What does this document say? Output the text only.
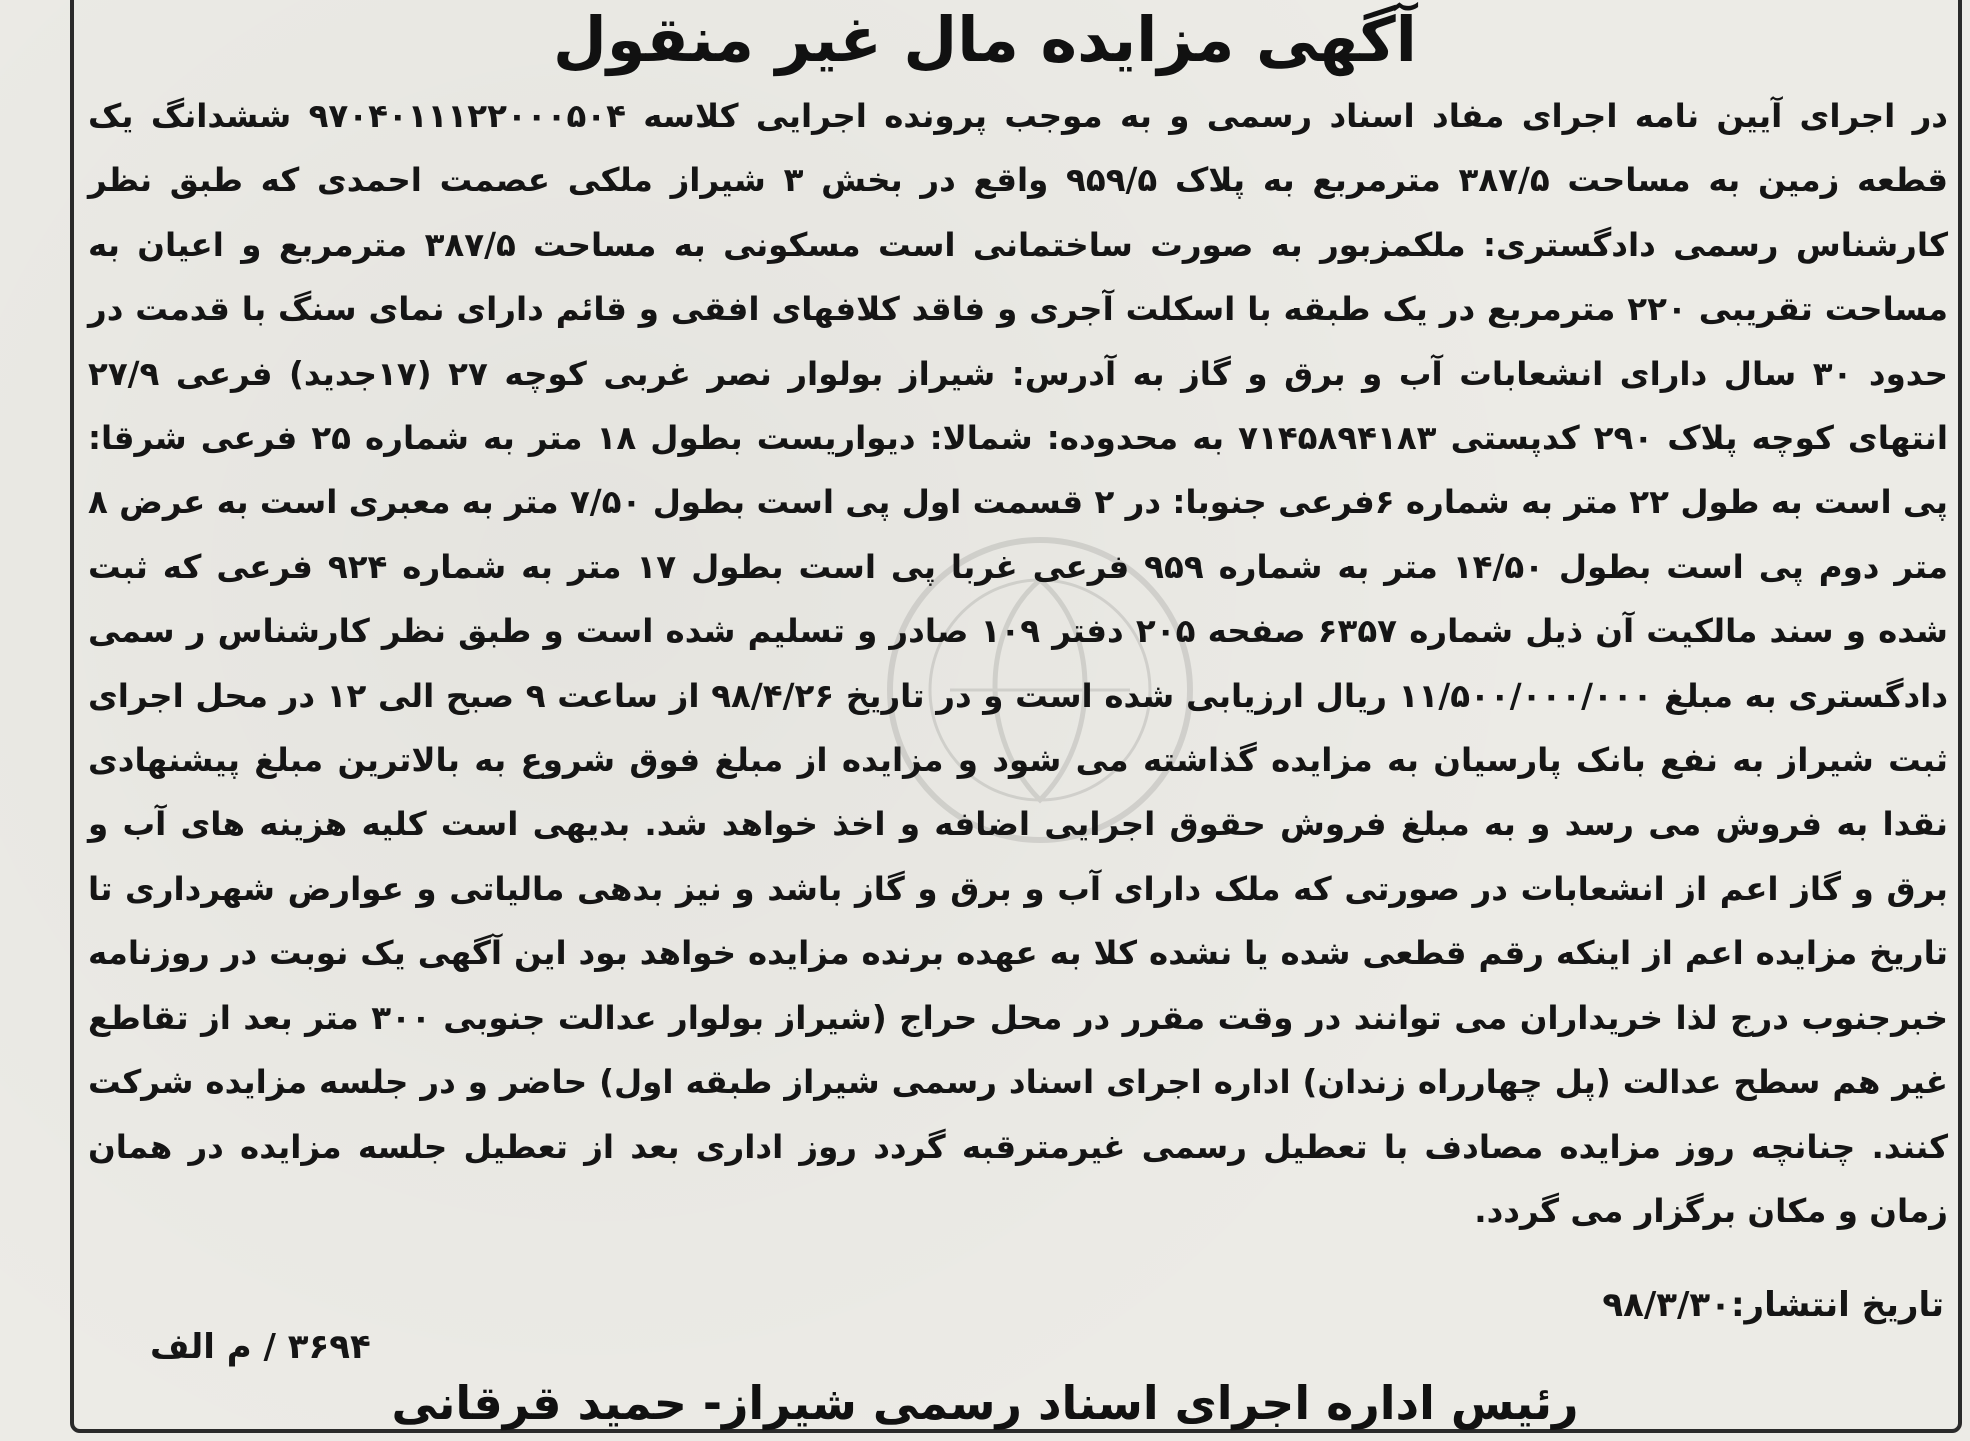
آگهی مزایده مال غیر منقول

در اجرای آیین نامه اجرای مفاد اسناد رسمی و به موجب پرونده اجرایی کلاسه ۹۷۰۴۰۱۱۱۲۲۰۰۰۵۰۴ ششدانگ یک قطعه زمین به مساحت ۳۸۷/۵ مترمربع به پلاک ۹۵۹/۵ واقع در بخش ۳ شیراز ملکی عصمت احمدی که طبق نظر کارشناس رسمی دادگستری: ملکمزبور به صورت ساختمانی است مسکونی به مساحت ۳۸۷/۵ مترمربع و اعیان به مساحت تقریبی ۲۲۰ مترمربع در یک طبقه با اسکلت آجری و فاقد کلافهای افقی و قائم دارای نمای سنگ با قدمت در حدود ۳۰ سال دارای انشعابات آب و برق و گاز به آدرس: شیراز بولوار نصر غربی کوچه ۲۷ (۱۷جدید) فرعی ۲۷/۹ انتهای کوچه پلاک ۲۹۰ کدپستی ۷۱۴۵۸۹۴۱۸۳ به محدوده: شمالا: دیواریست بطول ۱۸ متر به شماره ۲۵ فرعی شرقا: پی است به طول ۲۲ متر به شماره ۶فرعی جنوبا: در ۲ قسمت اول پی است بطول ۷/۵۰ متر به معبری است به عرض ۸ متر دوم پی است بطول ۱۴/۵۰ متر به شماره ۹۵۹ فرعی غربا پی است بطول ۱۷ متر به شماره ۹۲۴ فرعی که ثبت شده و سند مالکیت آن ذیل شماره ۶۳۵۷ صفحه ۲۰۵ دفتر ۱۰۹ صادر و تسلیم شده است و طبق نظر کارشناس ر سمی دادگستری به مبلغ ۱۱/۵۰۰/۰۰۰/۰۰۰ ریال ارزیابی شده است و در تاریخ ۹۸/۴/۲۶ از ساعت ۹ صبح الی ۱۲ در محل اجرای ثبت شیراز به نفع بانک پارسیان به مزایده گذاشته می شود و مزایده از مبلغ فوق شروع به بالاترین مبلغ پیشنهادی نقدا به فروش می رسد و به مبلغ فروش حقوق اجرایی اضافه و اخذ خواهد شد. بدیهی است کلیه هزینه های آب و برق و گاز اعم از انشعابات در صورتی که ملک دارای آب و برق و گاز باشد و نیز بدهی مالیاتی و عوارض شهرداری تا تاریخ مزایده اعم از اینکه رقم قطعی شده یا نشده کلا به عهده برنده مزایده خواهد بود این آگهی یک نوبت در روزنامه خبرجنوب درج لذا خریداران می توانند در وقت مقرر در محل حراج (شیراز بولوار عدالت جنوبی ۳۰۰ متر بعد از تقاطع غیر هم سطح عدالت (پل چهارراه زندان) اداره اجرای اسناد رسمی شیراز طبقه اول) حاضر و در جلسه مزایده شرکت کنند. چنانچه روز مزایده مصادف با تعطیل رسمی غیرمترقبه گردد روز اداری بعد از تعطیل جلسه مزایده در همان زمان و مکان برگزار می گردد.

تاریخ انتشار:۹۸/۳/۳۰
۳۶۹۴ / م الف
رئیس اداره اجرای اسناد رسمی شیراز- حمید قرقانی
